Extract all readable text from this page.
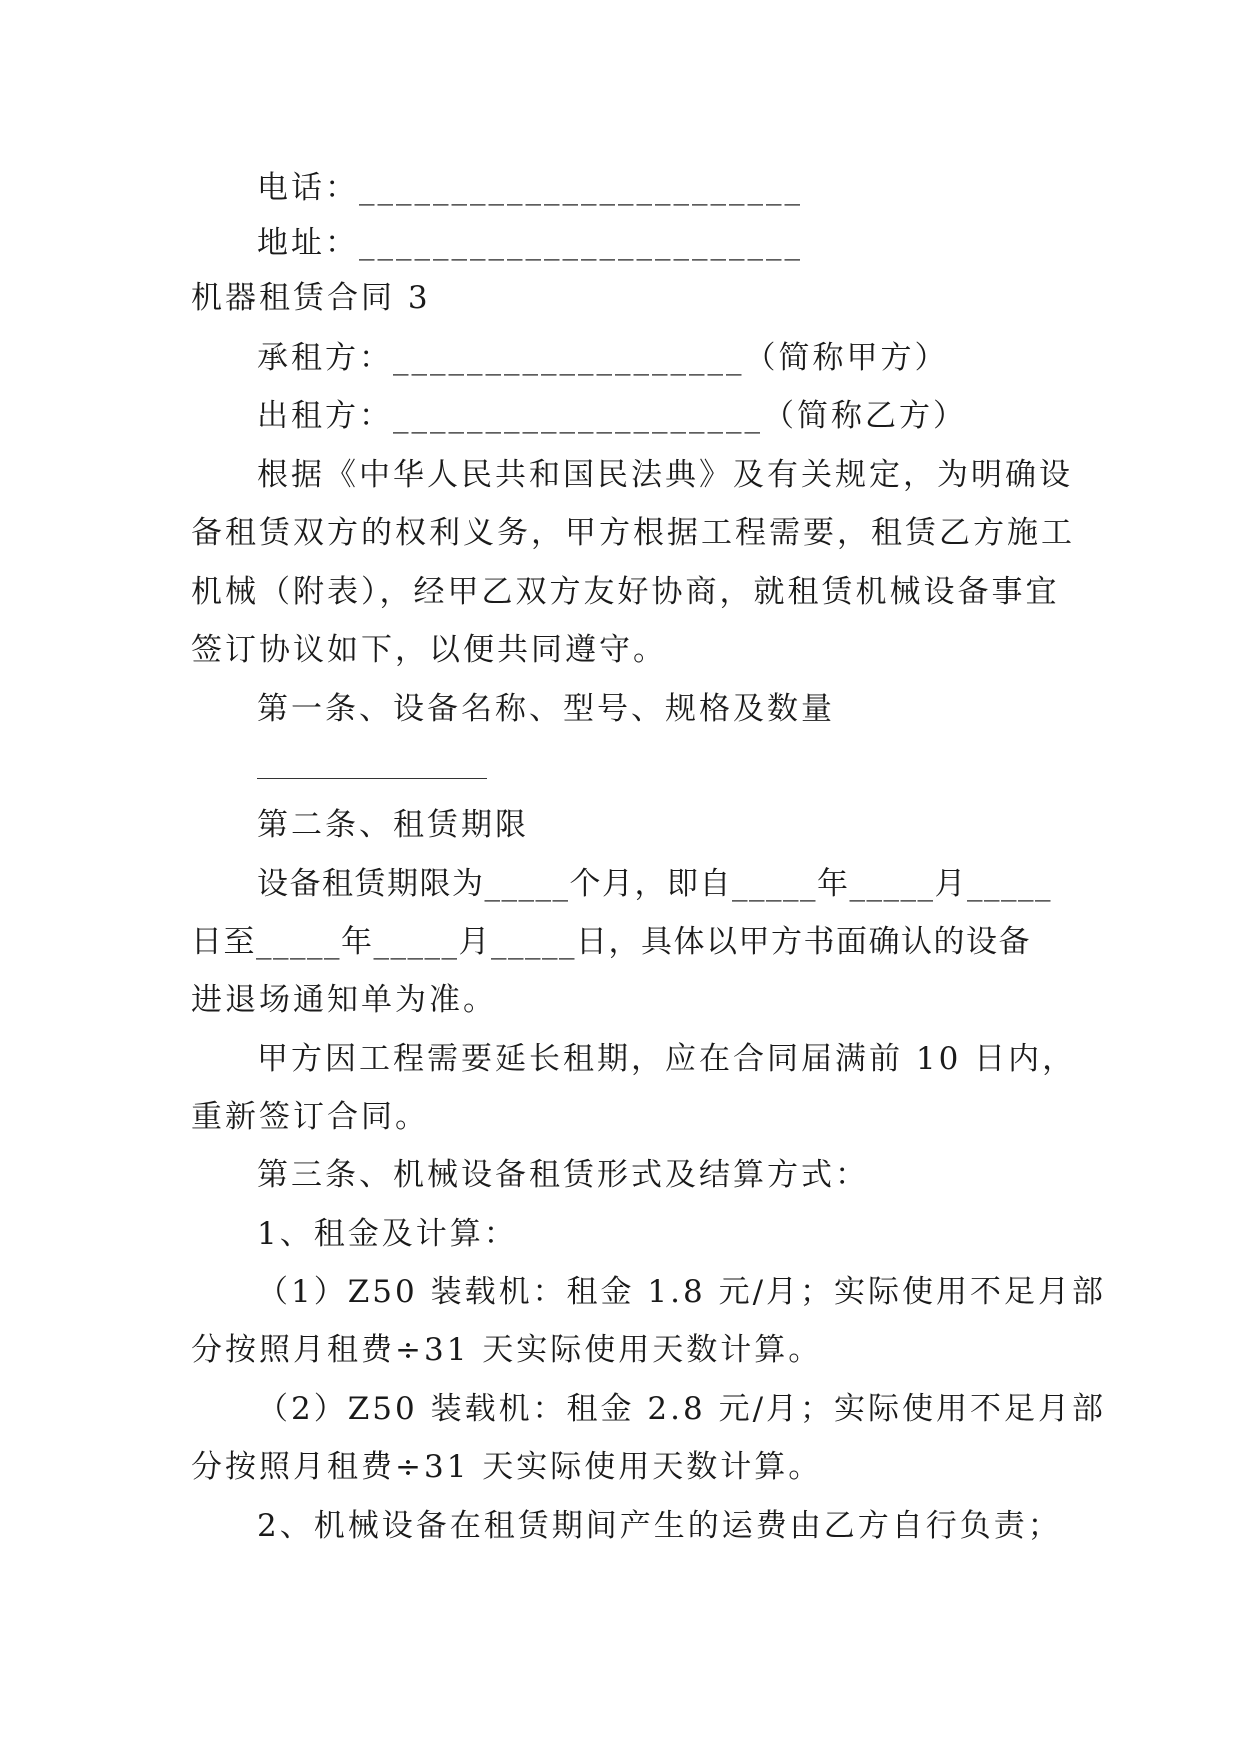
电话：________________________
地址：________________________
机器租赁合同 3
承租方：___________________（简称甲方）
出租方：____________________（简称乙方）
根据《中华人民共和国民法典》及有关规定，为明确设
备租赁双方的权利义务，甲方根据工程需要，租赁乙方施工
机械（附表），经甲乙双方友好协商，就租赁机械设备事宜
签订协议如下，以便共同遵守。
第一条、设备名称、型号、规格及数量
第二条、租赁期限
设备租赁期限为_____个月，即自_____年_____月_____
日至_____年_____月_____日，具体以甲方书面确认的设备
进退场通知单为准。
甲方因工程需要延长租期，应在合同届满前 10 日内，
重新签订合同。
第三条、机械设备租赁形式及结算方式：
1、租金及计算：
（1）Z50 装载机：租金 1.8 元/月；实际使用不足月部
分按照月租费÷31 天实际使用天数计算。
（2）Z50 装载机：租金 2.8 元/月；实际使用不足月部
分按照月租费÷31 天实际使用天数计算。
2、机械设备在租赁期间产生的运费由乙方自行负责；
